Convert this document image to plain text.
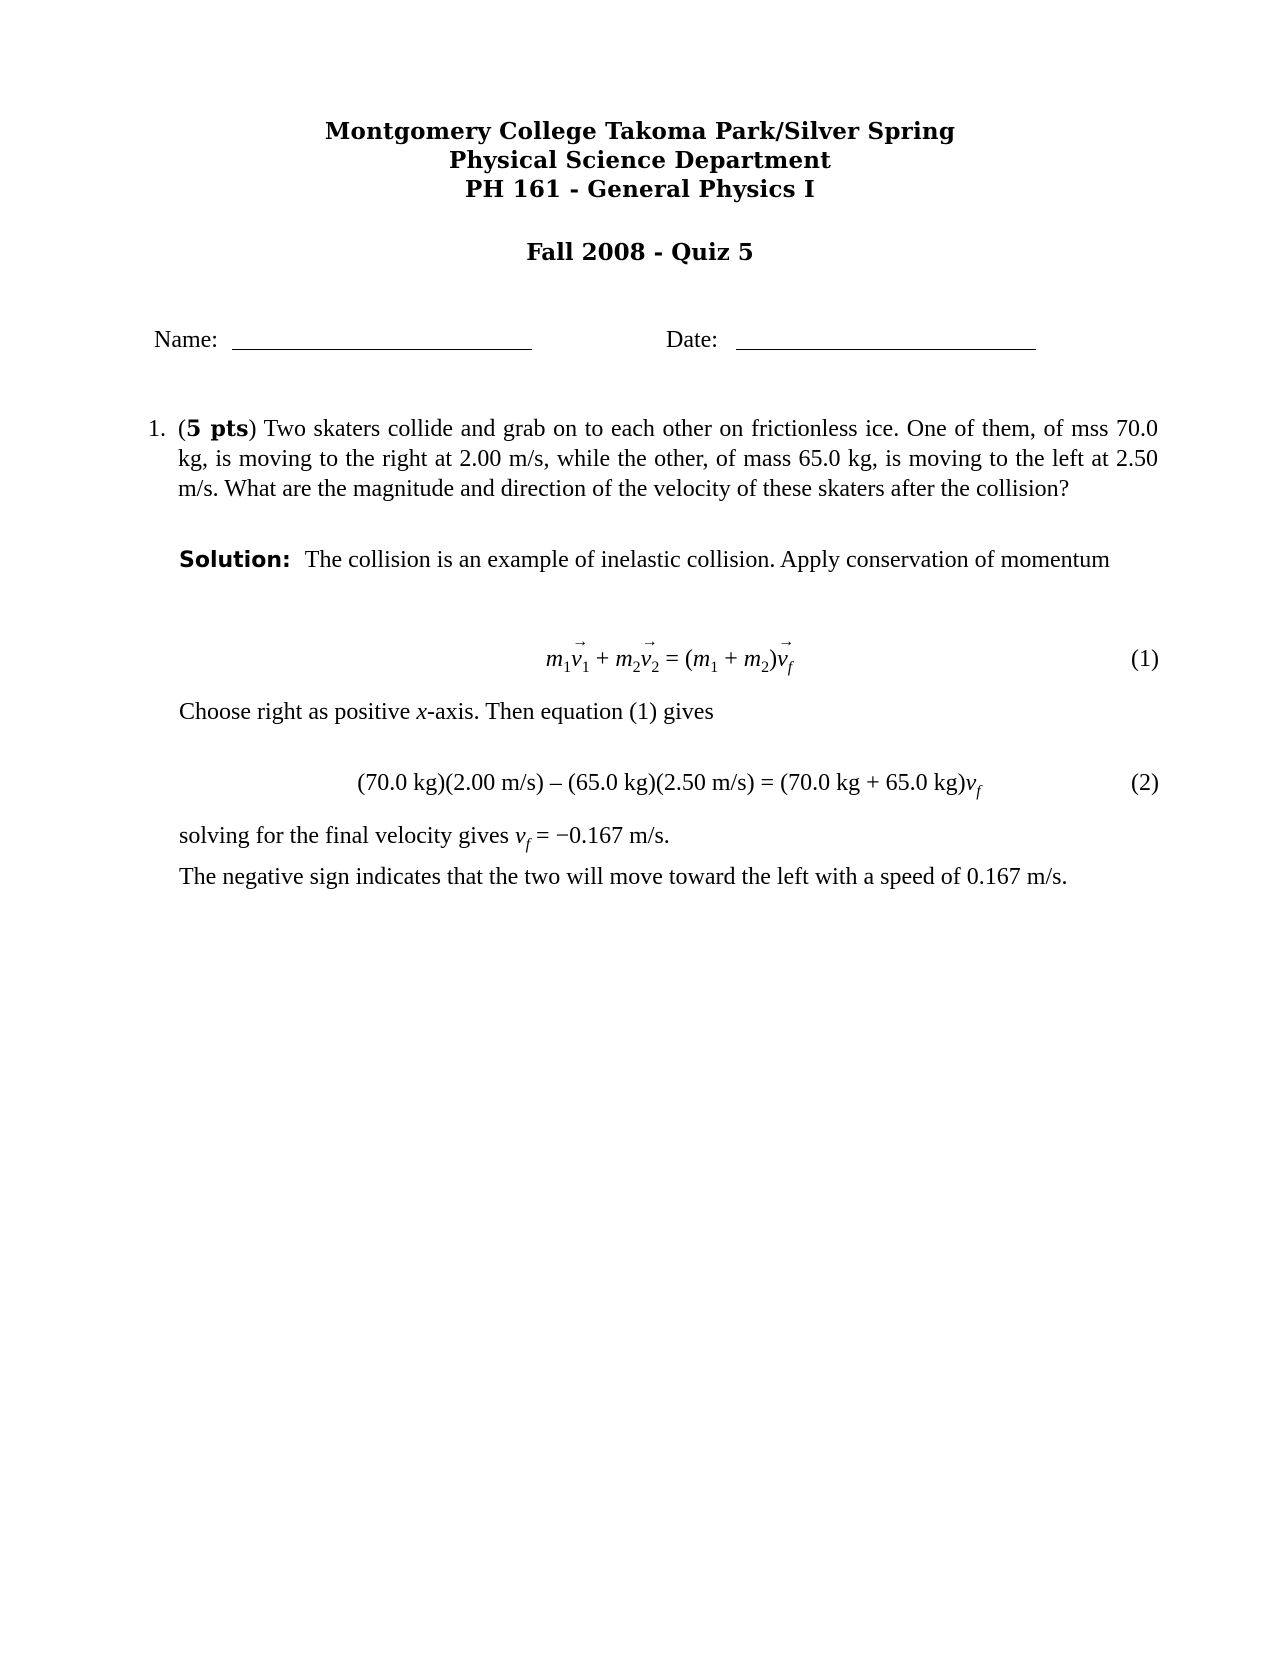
Montgomery College Takoma Park/Silver Spring
Physical Science Department
PH 161 - General Physics I
Fall 2008 - Quiz 5
Name:	Date:
1. (5 pts) Two skaters collide and grab on to each other on frictionless ice. One of them, of mss 70.0 kg, is moving to the right at 2.00 m/s, while the other, of mass 65.0 kg, is moving to the left at 2.50 m/s. What are the magnitude and direction of the velocity of these skaters after the collision?
Solution: The collision is an example of inelastic collision. Apply conservation of momentum
$m_1\to v_1 + m_2\to v_2 = (m_1 + m_2)\to v_f$	(1)
Choose right as positive x-axis. Then equation (1) gives
(70.0 kg)(2.00 m/s) – (65.0 kg)(2.50 m/s) = (70.0 kg + 65.0 $kg)v_f$	(2)
solving for the final velocity gives $v_f = -0.167$ m/s.
The negative sign indicates that the two will move toward the left with a speed of 0.167 m/s.
